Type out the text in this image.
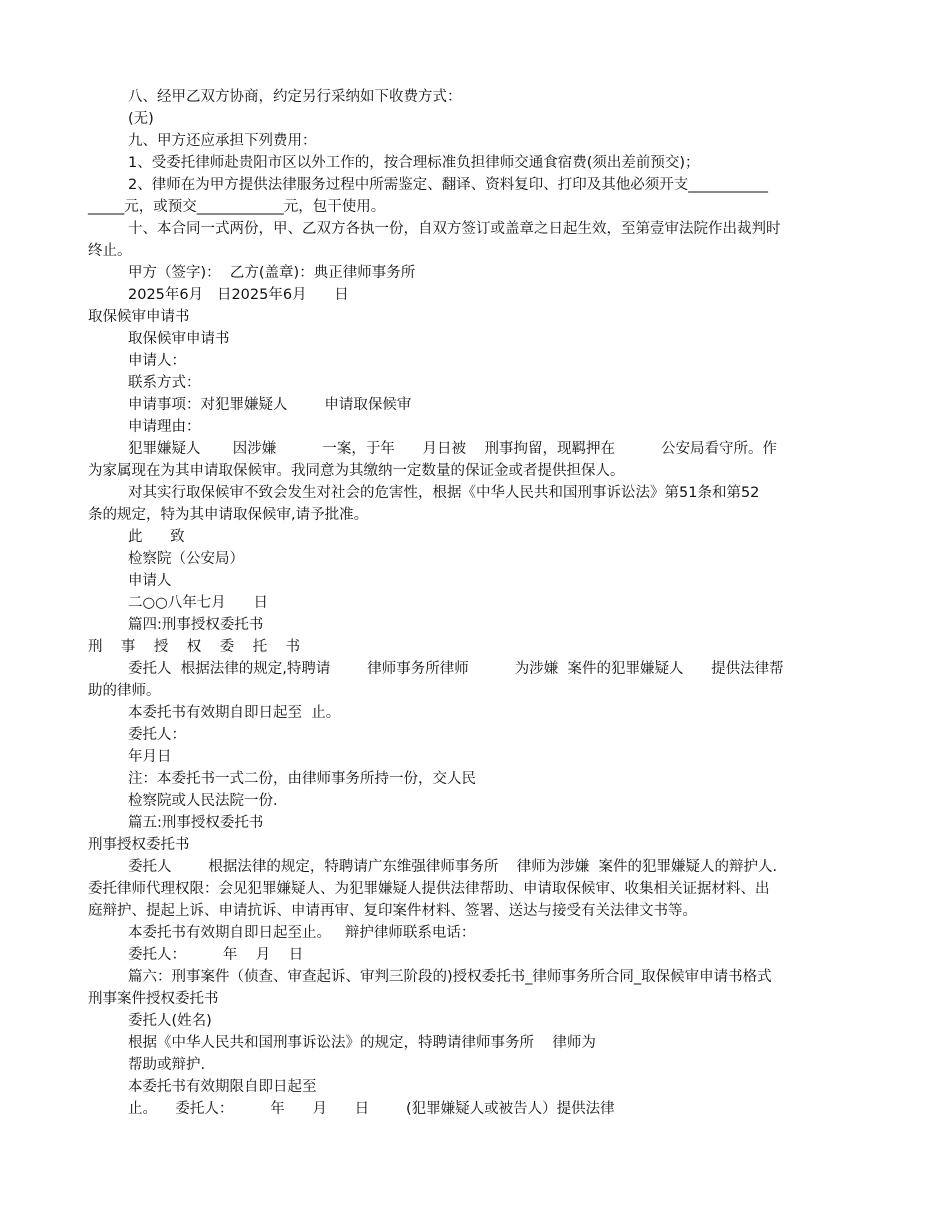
八、经甲乙双方协商，约定另行采纳如下收费方式：
(无)
九、甲方还应承担下列费用：
1、受委托律师赴贵阳市区以外工作的，按合理标准负担律师交通食宿费(须出差前预交)；
2、律师在为甲方提供法律服务过程中所需鉴定、翻译、资料复印、打印及其他必须开支___________
_____元，或预交____________元，包干使用。
十、本合同一式两份，甲、乙双方各执一份，自双方签订或盖章之日起生效，至第壹审法院作出裁判时
终止。
甲方（签字)：  乙方(盖章)：典正律师事务所
2025年6月   日2025年6月      日
取保候审申请书
取保候审申请书
申请人：
联系方式：
申请事项：对犯罪嫌疑人        申请取保候审
申请理由：
犯罪嫌疑人       因涉嫌          一案，于年      月日被    刑事拘留，现羁押在          公安局看守所。作
为家属现在为其申请取保候审。我同意为其缴纳一定数量的保证金或者提供担保人。
对其实行取保候审不致会发生对社会的危害性，根据《中华人民共和国刑事诉讼法》第51条和第52
条的规定，特为其申请取保候审,请予批准。
此      致
检察院（公安局）
申请人
二○○八年七月      日
篇四:刑事授权委托书
刑    事    授    权    委    托    书
委托人  根据法律的规定,特聘请        律师事务所律师          为涉嫌  案件的犯罪嫌疑人      提供法律帮
助的律师。
本委托书有效期自即日起至  止。
委托人：
年月日
注：本委托书一式二份，由律师事务所持一份，交人民
检察院或人民法院一份.
篇五:刑事授权委托书
刑事授权委托书
委托人        根据法律的规定，特聘请广东维强律师事务所    律师为涉嫌  案件的犯罪嫌疑人的辩护人.
委托律师代理权限：会见犯罪嫌疑人、为犯罪嫌疑人提供法律帮助、申请取保候审、收集相关证据材料、出
庭辩护、提起上诉、申请抗诉、申请再审、复印案件材料、签署、送达与接受有关法律文书等。
本委托书有效期自即日起至止。   辩护律师联系电话：
委托人：        年    月    日
篇六：刑事案件（侦查、审查起诉、审判三阶段的)授权委托书_律师事务所合同_取保候审申请书格式
刑事案件授权委托书
委托人(姓名)
根据《中华人民共和国刑事诉讼法》的规定，特聘请律师事务所    律师为
帮助或辩护.
本委托书有效期限自即日起至
止。    委托人：        年      月      日        (犯罪嫌疑人或被告人）提供法律
